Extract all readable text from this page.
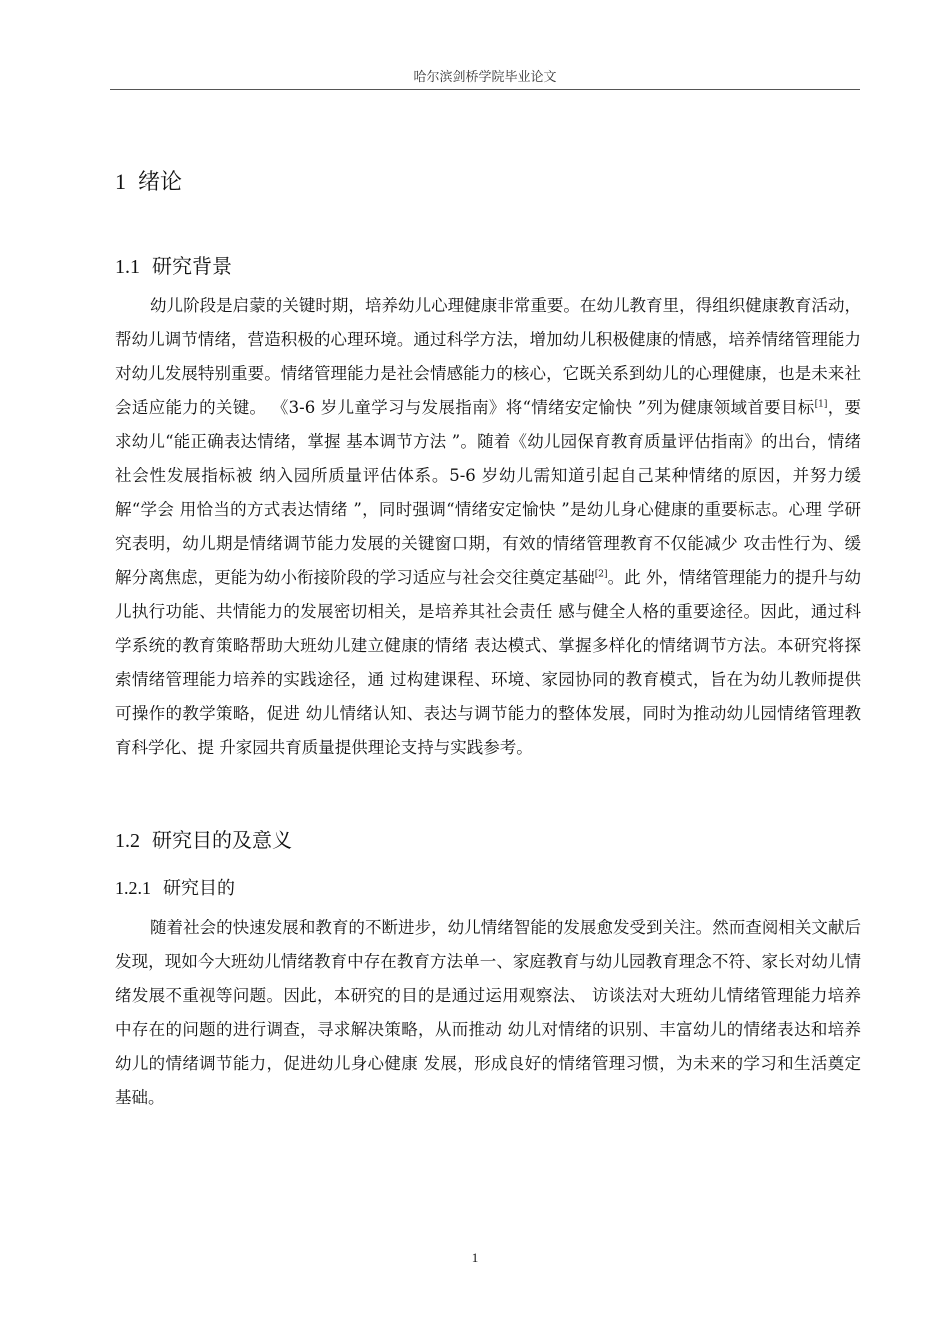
哈尔滨剑桥学院毕业论文
1 绪论
1.1 研究背景
幼儿阶段是启蒙的关键时期，培养幼儿心理健康非常重要。在幼儿教育里，得组织健康教育活动，帮幼儿调节情绪，营造积极的心理环境。通过科学方法，增加幼儿积极健康的情感，培养情绪管理能力对幼儿发展特别重要。情绪管理能力是社会情感能力的核心，它既关系到幼儿的心理健康，也是未来社会适应能力的关键。 《3-6 岁儿童学习与发展指南》将“情绪安定愉快 ”列为健康领域首要目标[1]，要求幼儿“能正确表达情绪，掌握 基本调节方法 ”。随着《幼儿园保育教育质量评估指南》的出台，情绪社会性发展指标被 纳入园所质量评估体系。5-6 岁幼儿需知道引起自己某种情绪的原因，并努力缓解“学会 用恰当的方式表达情绪 ”，同时强调“情绪安定愉快 ”是幼儿身心健康的重要标志。心理 学研究表明，幼儿期是情绪调节能力发展的关键窗口期，有效的情绪管理教育不仅能减少 攻击性行为、缓解分离焦虑，更能为幼小衔接阶段的学习适应与社会交往奠定基础[2]。此 外，情绪管理能力的提升与幼儿执行功能、共情能力的发展密切相关，是培养其社会责任 感与健全人格的重要途径。因此，通过科学系统的教育策略帮助大班幼儿建立健康的情绪 表达模式、掌握多样化的情绪调节方法。本研究将探索情绪管理能力培养的实践途径，通 过构建课程、环境、家园协同的教育模式，旨在为幼儿教师提供可操作的教学策略，促进 幼儿情绪认知、表达与调节能力的整体发展，同时为推动幼儿园情绪管理教育科学化、提 升家园共育质量提供理论支持与实践参考。
1.2 研究目的及意义
1.2.1 研究目的
随着社会的快速发展和教育的不断进步，幼儿情绪智能的发展愈发受到关注。然而查阅相关文献后发现，现如今大班幼儿情绪教育中存在教育方法单一、家庭教育与幼儿园教育理念不符、家长对幼儿情绪发展不重视等问题。因此，本研究的目的是通过运用观察法、 访谈法对大班幼儿情绪管理能力培养中存在的问题的进行调查，寻求解决策略，从而推动 幼儿对情绪的识别、丰富幼儿的情绪表达和培养幼儿的情绪调节能力，促进幼儿身心健康 发展，形成良好的情绪管理习惯，为未来的学习和生活奠定基础。
1
